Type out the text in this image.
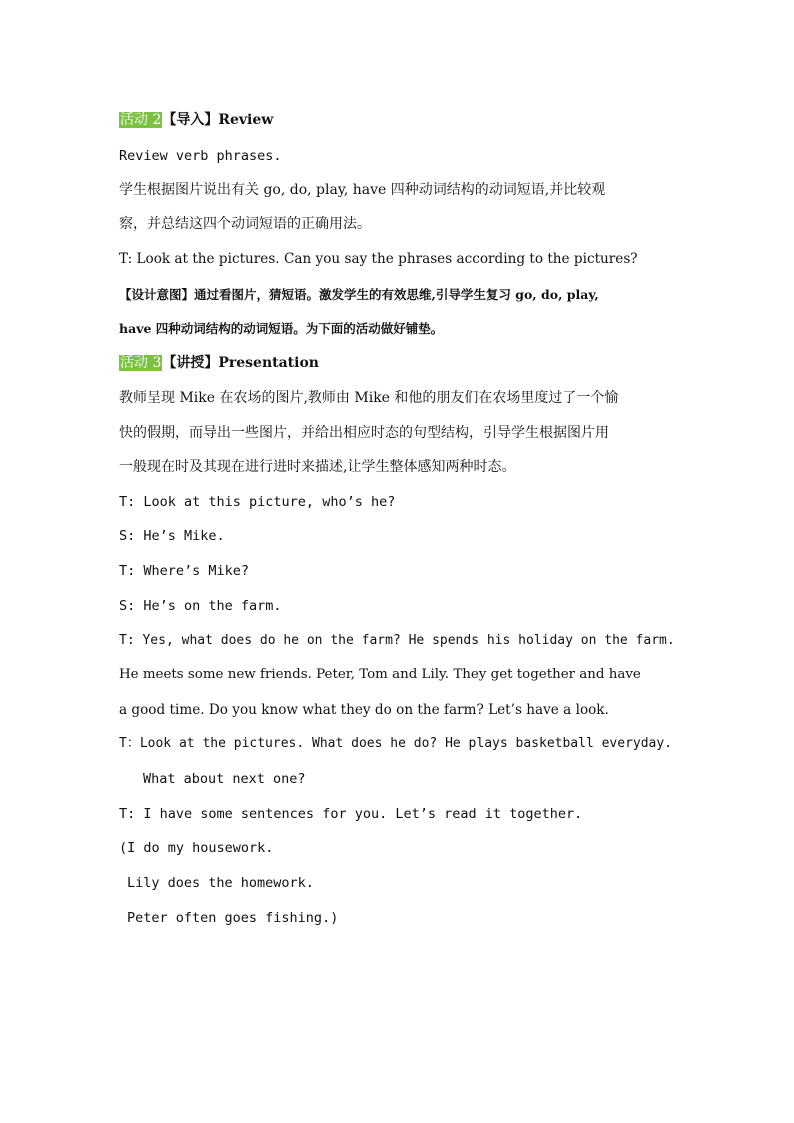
活动 2【导入】Review
Review verb phrases.
学生根据图片说出有关 go, do, play, have 四种动词结构的动词短语,并比较观
察，并总结这四个动词短语的正确用法。
T: Look at the pictures. Can you say the phrases according to the pictures?
【设计意图】通过看图片，猜短语。激发学生的有效思维,引导学生复习 go, do, play,
have 四种动词结构的动词短语。为下面的活动做好铺垫。
活动 3【讲授】Presentation
教师呈现 Mike 在农场的图片,教师由 Mike 和他的朋友们在农场里度过了一个愉
快的假期，而导出一些图片，并给出相应时态的句型结构，引导学生根据图片用
一般现在时及其现在进行进时来描述,让学生整体感知两种时态。
T: Look at this picture, who’s he?
S: He’s Mike.
T: Where’s Mike?
S: He’s on the farm.
T: Yes, what does do he on the farm? He spends his holiday on the farm.
He meets some new friends. Peter, Tom and Lily. They get together and have
a good time. Do you know what they do on the farm? Let’s have a look.
T：Look at the pictures. What does he do? He plays basketball everyday.
What about next one?
T: I have some sentences for you. Let’s read it together.
(I do my housework.
Lily does the homework.
Peter often goes fishing.)
